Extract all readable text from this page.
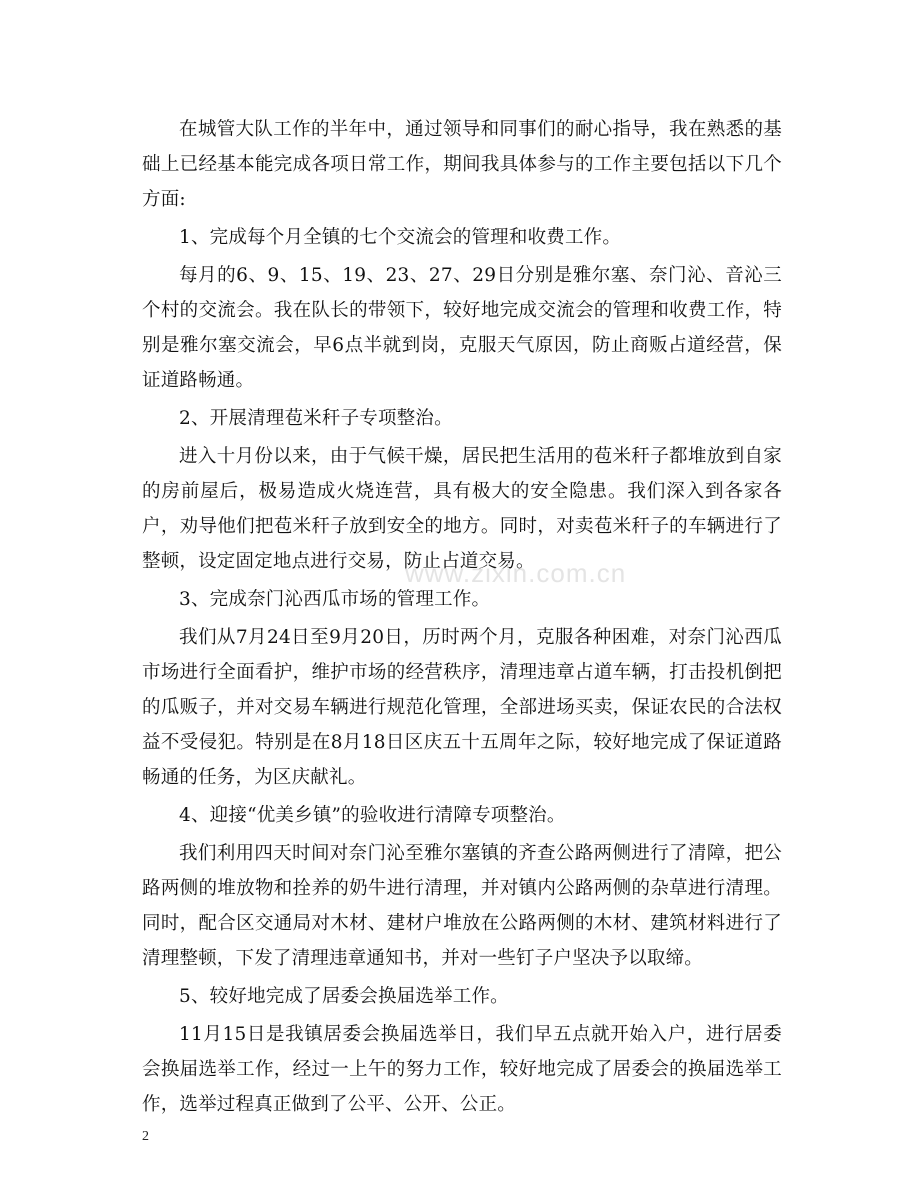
在城管大队工作的半年中，通过领导和同事们的耐心指导，我在熟悉的基础上已经基本能完成各项日常工作，期间我具体参与的工作主要包括以下几个方面:

1、完成每个月全镇的七个交流会的管理和收费工作。

每月的6、9、15、19、23、27、29日分别是雅尔塞、奈门沁、音沁三个村的交流会。我在队长的带领下，较好地完成交流会的管理和收费工作，特别是雅尔塞交流会，早6点半就到岗，克服天气原因，防止商贩占道经营，保证道路畅通。

2、开展清理苞米秆子专项整治。

进入十月份以来，由于气候干燥，居民把生活用的苞米秆子都堆放到自家的房前屋后，极易造成火烧连营，具有极大的安全隐患。我们深入到各家各户，劝导他们把苞米秆子放到安全的地方。同时，对卖苞米秆子的车辆进行了整顿，设定固定地点进行交易，防止占道交易。

3、完成奈门沁西瓜市场的管理工作。

我们从7月24日至9月20日，历时两个月，克服各种困难，对奈门沁西瓜市场进行全面看护，维护市场的经营秩序，清理违章占道车辆，打击投机倒把的瓜贩子，并对交易车辆进行规范化管理，全部进场买卖，保证农民的合法权益不受侵犯。特别是在8月18日区庆五十五周年之际，较好地完成了保证道路畅通的任务，为区庆献礼。

4、迎接“优美乡镇”的验收进行清障专项整治。

我们利用四天时间对奈门沁至雅尔塞镇的齐查公路两侧进行了清障，把公路两侧的堆放物和拴养的奶牛进行清理，并对镇内公路两侧的杂草进行清理。同时，配合区交通局对木材、建材户堆放在公路两侧的木材、建筑材料进行了清理整顿，下发了清理违章通知书，并对一些钉子户坚决予以取缔。

5、较好地完成了居委会换届选举工作。

11月15日是我镇居委会换届选举日，我们早五点就开始入户，进行居委会换届选举工作，经过一上午的努力工作，较好地完成了居委会的换届选举工作，选举过程真正做到了公平、公开、公正。

www.zixin.com.cn
2
